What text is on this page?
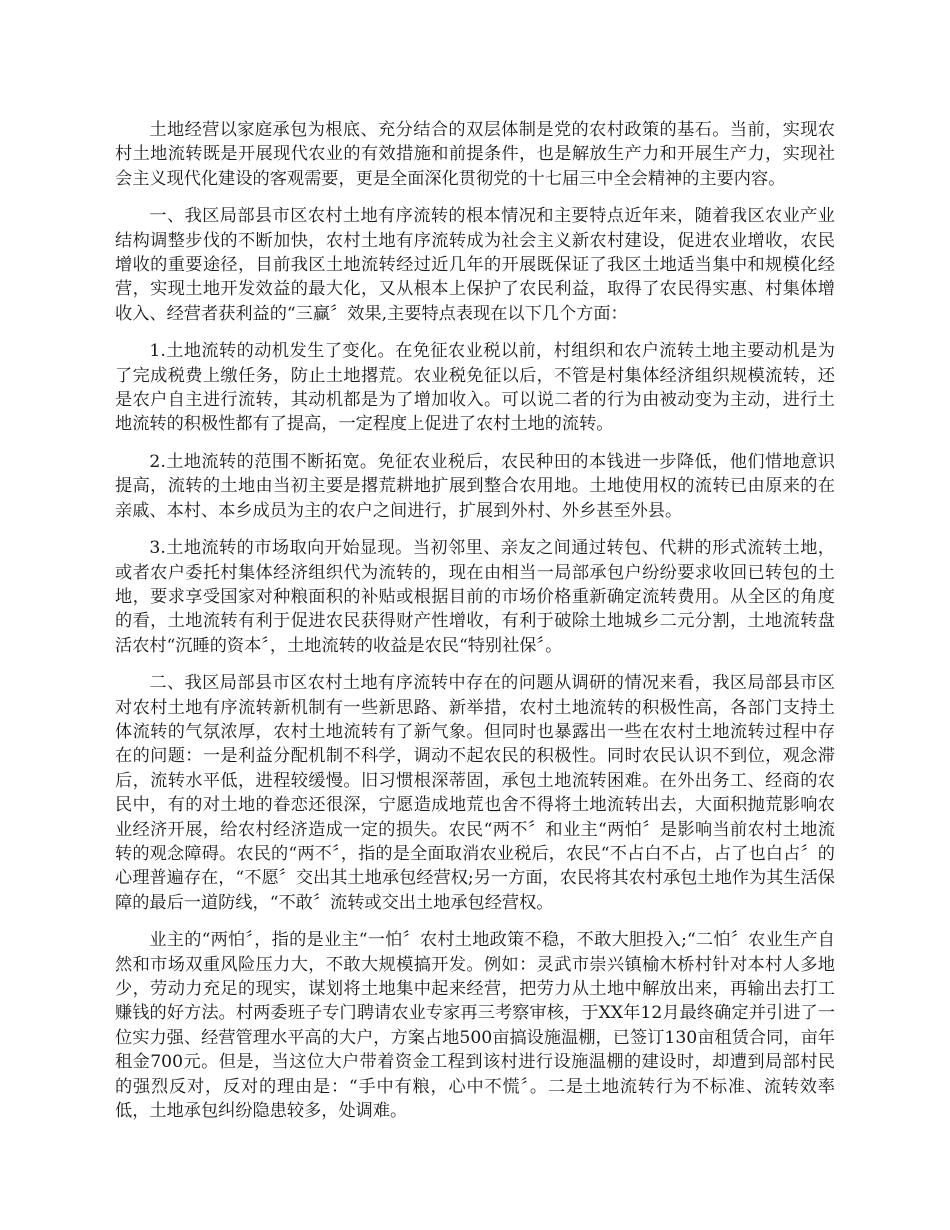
土地经营以家庭承包为根底、充分结合的双层体制是党的农村政策的基石。当前，实现农村土地流转既是开展现代农业的有效措施和前提条件，也是解放生产力和开展生产力，实现社会主义现代化建设的客观需要，更是全面深化贯彻党的十七届三中全会精神的主要内容。

一、我区局部县市区农村土地有序流转的根本情况和主要特点近年来，随着我区农业产业结构调整步伐的不断加快，农村土地有序流转成为社会主义新农村建设，促进农业增收，农民增收的重要途径，目前我区土地流转经过近几年的开展既保证了我区土地适当集中和规模化经营，实现土地开发效益的最大化，又从根本上保护了农民利益，取得了农民得实惠、村集体增收入、经营者获利益的“三赢〞效果,主要特点表现在以下几个方面：

1.土地流转的动机发生了变化。在免征农业税以前，村组织和农户流转土地主要动机是为了完成税费上缴任务，防止土地撂荒。农业税免征以后，不管是村集体经济组织规模流转，还是农户自主进行流转，其动机都是为了增加收入。可以说二者的行为由被动变为主动，进行土地流转的积极性都有了提高，一定程度上促进了农村土地的流转。

2.土地流转的范围不断拓宽。免征农业税后，农民种田的本钱进一步降低，他们惜地意识提高，流转的土地由当初主要是撂荒耕地扩展到整合农用地。土地使用权的流转已由原来的在亲戚、本村、本乡成员为主的农户之间进行，扩展到外村、外乡甚至外县。

3.土地流转的市场取向开始显现。当初邻里、亲友之间通过转包、代耕的形式流转土地，或者农户委托村集体经济组织代为流转的，现在由相当一局部承包户纷纷要求收回已转包的土地，要求享受国家对种粮面积的补贴或根据目前的市场价格重新确定流转费用。从全区的角度的看，土地流转有利于促进农民获得财产性增收，有利于破除土地城乡二元分割，土地流转盘活农村“沉睡的资本〞，土地流转的收益是农民“特别社保〞。

二、我区局部县市区农村土地有序流转中存在的问题从调研的情况来看，我区局部县市区对农村土地有序流转新机制有一些新思路、新举措，农村土地流转的积极性高，各部门支持土体流转的气氛浓厚，农村土地流转有了新气象。但同时也暴露出一些在农村土地流转过程中存在的问题：一是利益分配机制不科学，调动不起农民的积极性。同时农民认识不到位，观念滞后，流转水平低，进程较缓慢。旧习惯根深蒂固，承包土地流转困难。在外出务工、经商的农民中，有的对土地的眷恋还很深，宁愿造成地荒也舍不得将土地流转出去，大面积抛荒影响农业经济开展，给农村经济造成一定的损失。农民“两不〞和业主“两怕〞是影响当前农村土地流转的观念障碍。农民的“两不〞，指的是全面取消农业税后，农民“不占白不占，占了也白占〞的心理普遍存在，“不愿〞交出其土地承包经营权;另一方面，农民将其农村承包土地作为其生活保障的最后一道防线，“不敢〞流转或交出土地承包经营权。

业主的“两怕〞，指的是业主“一怕〞农村土地政策不稳，不敢大胆投入;“二怕〞农业生产自然和市场双重风险压力大，不敢大规模搞开发。例如：灵武市崇兴镇榆木桥村针对本村人多地少，劳动力充足的现实，谋划将土地集中起来经营，把劳力从土地中解放出来，再输出去打工赚钱的好方法。村两委班子专门聘请农业专家再三考察审核，于XX年12月最终确定并引进了一位实力强、经营管理水平高的大户，方案占地500亩搞设施温棚，已签订130亩租赁合同，亩年租金700元。但是，当这位大户带着资金工程到该村进行设施温棚的建设时，却遭到局部村民的强烈反对，反对的理由是：“手中有粮，心中不慌〞。二是土地流转行为不标准、流转效率低，土地承包纠纷隐患较多，处调难。
